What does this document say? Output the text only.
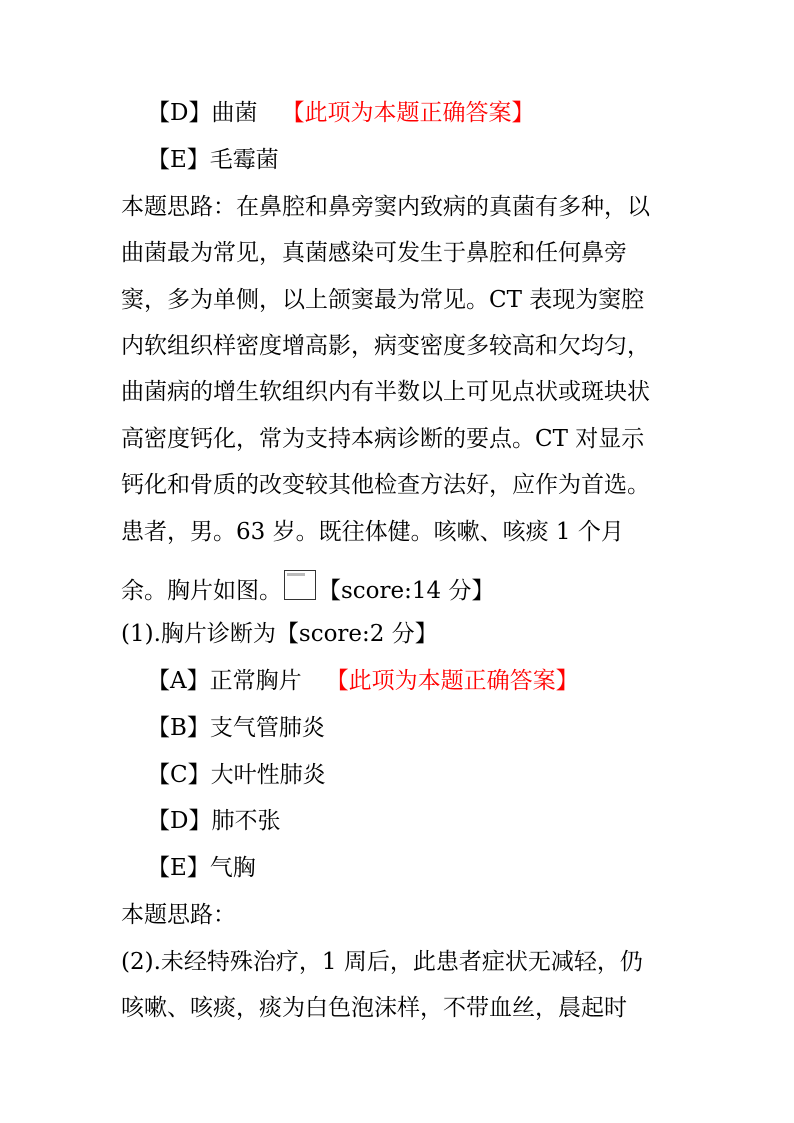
【D】曲菌 【此项为本题正确答案】
【E】毛霉菌
本题思路：在鼻腔和鼻旁窦内致病的真菌有多种，以
曲菌最为常见，真菌感染可发生于鼻腔和任何鼻旁
窦，多为单侧，以上颌窦最为常见。CT 表现为窦腔
内软组织样密度增高影，病变密度多较高和欠均匀，
曲菌病的增生软组织内有半数以上可见点状或斑块状
高密度钙化，常为支持本病诊断的要点。CT 对显示
钙化和骨质的改变较其他检查方法好，应作为首选。
患者，男。63 岁。既往体健。咳嗽、咳痰 1 个月
余。胸片如图。 【score:14 分】
(1).胸片诊断为【score:2 分】
【A】正常胸片 【此项为本题正确答案】
【B】支气管肺炎
【C】大叶性肺炎
【D】肺不张
【E】气胸
本题思路：
(2).未经特殊治疗，1 周后，此患者症状无减轻，仍
咳嗽、咳痰，痰为白色泡沫样，不带血丝，晨起时
